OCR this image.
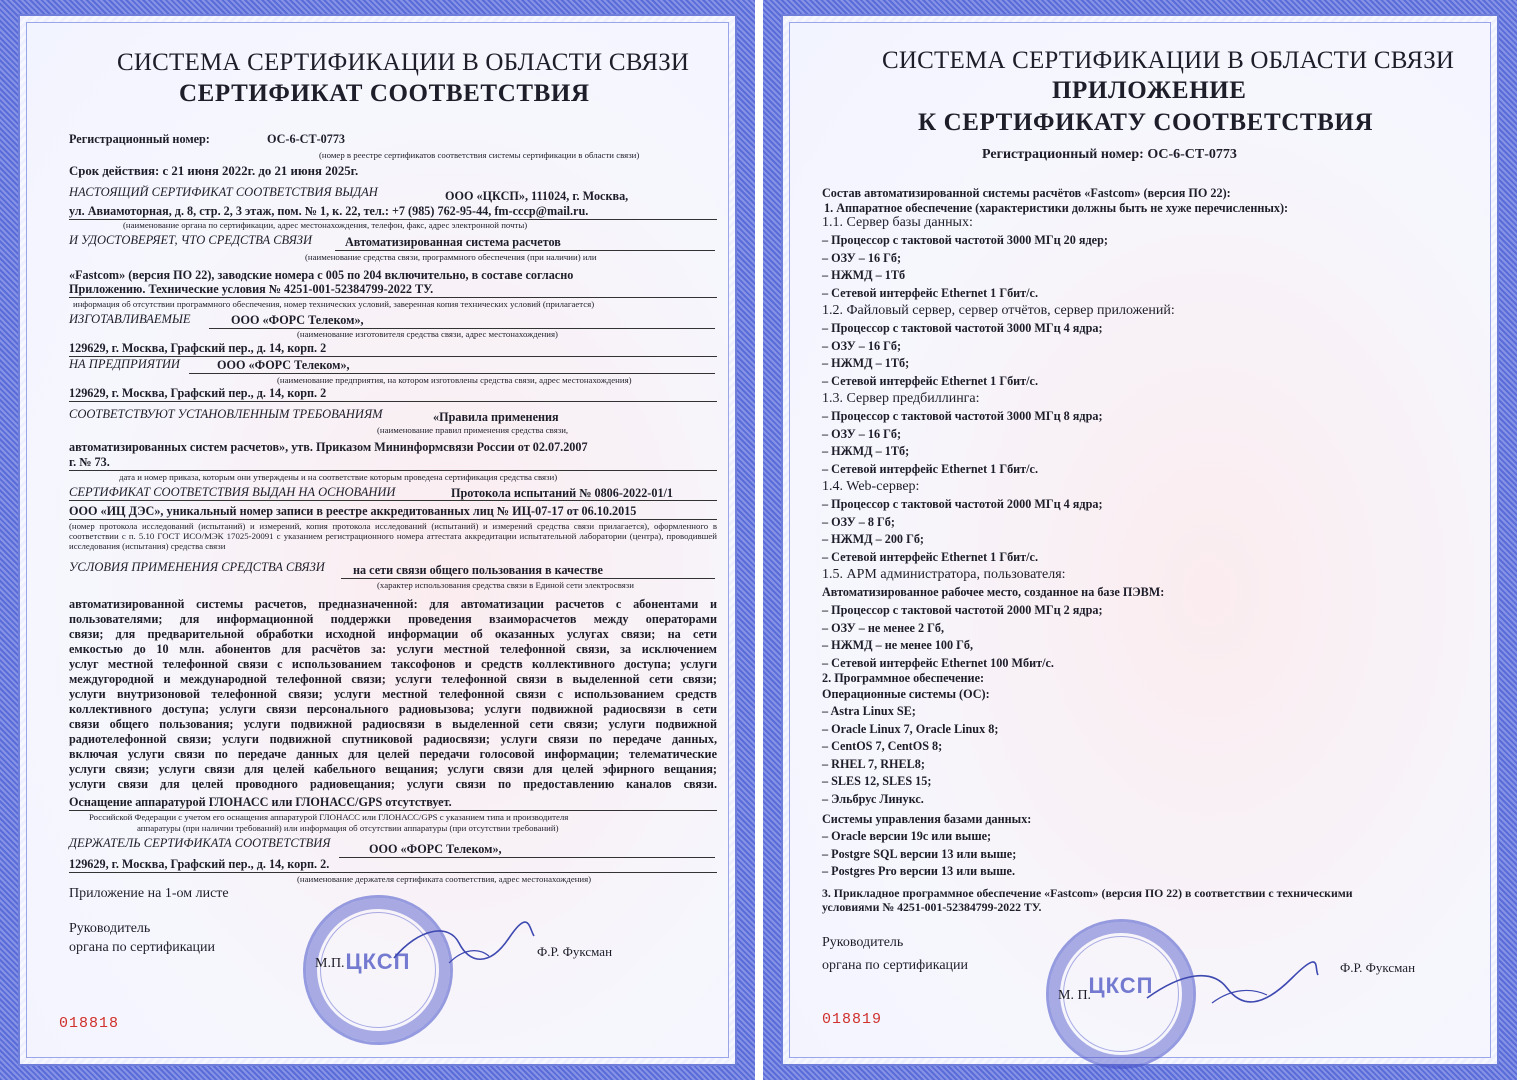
СИСТЕМА СЕРТИФИКАЦИИ В ОБЛАСТИ СВЯЗИ
СЕРТИФИКАТ СООТВЕТСТВИЯ
Регистрационный номер:	ОС-6-СТ-0773
(номер в реестре сертификатов соответствия системы сертификации в области связи)
Срок действия: с 21 июня 2022г. до 21 июня 2025г.
НАСТОЯЩИЙ СЕРТИФИКАТ СООТВЕТСТВИЯ ВЫДАН	ООО «ЦКСП», 111024, г. Москва,
ул. Авиамоторная, д. 8, стр. 2, 3 этаж, пом. № 1, к. 22, тел.: +7 (985) 762-95-44, fm-cccp@mail.ru.
(наименование органа по сертификации, адрес местонахождения, телефон, факс, адрес электронной почты)
И УДОСТОВЕРЯЕТ, ЧТО СРЕДСТВА СВЯЗИ	Автоматизированная система расчетов
(наименование средства связи, программного обеспечения (при наличии) или
«Fastcom» (версия ПО 22), заводские номера с 005 по 204 включительно, в составе согласно
Приложению. Технические условия № 4251-001-52384799-2022 ТУ.
информация об отсутствии программного обеспечения, номер технических условий, заверенная копия технических условий (прилагается)
ИЗГОТАВЛИВАЕМЫЕ	ООО «ФОРС Телеком»,
(наименование изготовителя средства связи, адрес местонахождения)
129629, г. Москва, Графский пер., д. 14, корп. 2
НА ПРЕДПРИЯТИИ	ООО «ФОРС Телеком»,
(наименование предприятия, на котором изготовлены средства связи, адрес местонахождения)
129629, г. Москва, Графский пер., д. 14, корп. 2
СООТВЕТСТВУЮТ УСТАНОВЛЕННЫМ ТРЕБОВАНИЯМ	«Правила применения
(наименование правил применения средства связи,
автоматизированных систем расчетов», утв. Приказом Мининформсвязи России от 02.07.2007
г. № 73.
дата и номер приказа, которым они утверждены и на соответствие которым проведена сертификация средства связи)
СЕРТИФИКАТ СООТВЕТСТВИЯ ВЫДАН НА ОСНОВАНИИ	Протокола испытаний № 0806-2022-01/1
ООО «ИЦ ДЭС», уникальный номер записи в реестре аккредитованных лиц № ИЦ-07-17 от 06.10.2015
(номер протокола исследований (испытаний) и измерений, копия протокола исследований (испытаний) и измерений средства связи прилагается), оформленного в соответствии с п. 5.10 ГОСТ ИСО/МЭК 17025-20091 с указанием регистрационного номера аттестата аккредитации испытательной лаборатории (центра), проводившей исследования (испытания) средства связи
УСЛОВИЯ ПРИМЕНЕНИЯ СРЕДСТВА СВЯЗИ	на сети связи общего пользования в качестве
(характер использования средства связи в Единой сети электросвязи
автоматизированной системы расчетов, предназначенной: для автоматизации расчетов с абонентами и
пользователями; для информационной поддержки проведения взаиморасчетов между операторами
связи; для предварительной обработки исходной информации об оказанных услугах связи; на сети
емкостью до 10 млн. абонентов для расчётов за: услуги местной телефонной связи, за исключением
услуг местной телефонной связи с использованием таксофонов и средств коллективного доступа; услуги
междугородной и международной телефонной связи; услуги телефонной связи в выделенной сети связи;
услуги внутризоновой телефонной связи; услуги местной телефонной связи с использованием средств
коллективного доступа; услуги связи персонального радиовызова; услуги подвижной радиосвязи в сети
связи общего пользования; услуги подвижной радиосвязи в выделенной сети связи; услуги подвижной
радиотелефонной связи; услуги подвижной спутниковой радиосвязи; услуги связи по передаче данных,
включая услуги связи по передаче данных для целей передачи голосовой информации; телематические
услуги связи; услуги связи для целей кабельного вещания; услуги связи для целей эфирного вещания;
услуги связи для целей проводного радиовещания; услуги связи по предоставлению каналов связи.
Оснащение аппаратурой ГЛОНАСС или ГЛОНАСС/GPS отсутствует.
Российской Федерации с учетом его оснащения аппаратурой ГЛОНАСС или ГЛОНАСС/GPS с указанием типа и производителя
аппаратуры (при наличии требований) или информация об отсутствии аппаратуры (при отсутствии требований)
ДЕРЖАТЕЛЬ СЕРТИФИКАТА СООТВЕТСТВИЯ	ООО «ФОРС Телеком»,
129629, г. Москва, Графский пер., д. 14, корп. 2.
(наименование держателя сертификата соответствия, адрес местонахождения)
Приложение на 1-ом листе
Руководитель
органа по сертификации
ЦКСП
М.П.
Ф.Р. Фуксман
018818
СИСТЕМА СЕРТИФИКАЦИИ В ОБЛАСТИ СВЯЗИ
ПРИЛОЖЕНИЕ
К СЕРТИФИКАТУ СООТВЕТСТВИЯ
Регистрационный номер: ОС-6-СТ-0773
Состав автоматизированной системы расчётов «Fastcom» (версия ПО 22):
1. Аппаратное обеспечение (характеристики должны быть не хуже перечисленных):
1.1. Сервер базы данных:
– Процессор с тактовой частотой 3000 МГц 20 ядер;
– ОЗУ – 16 Гб;
– НЖМД – 1Тб
– Сетевой интерфейс Ethernet 1 Гбит/с.
1.2. Файловый сервер, сервер отчётов, сервер приложений:
– Процессор с тактовой частотой 3000 МГц 4 ядра;
– ОЗУ – 16 Гб;
– НЖМД – 1Тб;
– Сетевой интерфейс Ethernet 1 Гбит/с.
1.3. Сервер предбиллинга:
– Процессор с тактовой частотой 3000 МГц 8 ядра;
– ОЗУ – 16 Гб;
– НЖМД – 1Тб;
– Сетевой интерфейс Ethernet 1 Гбит/с.
1.4. Web-сервер:
– Процессор с тактовой частотой 2000 МГц 4 ядра;
– ОЗУ – 8 Гб;
– НЖМД – 200 Гб;
– Сетевой интерфейс Ethernet 1 Гбит/с.
1.5. АРМ администратора, пользователя:
Автоматизированное рабочее место, созданное на базе ПЭВМ:
– Процессор с тактовой частотой 2000 МГц 2 ядра;
– ОЗУ – не менее 2 Гб,
– НЖМД – не менее 100 Гб,
– Сетевой интерфейс Ethernet 100 Мбит/с.
2. Программное обеспечение:
Операционные системы (ОС):
– Astra Linux SE;
– Oracle Linux 7, Oracle Linux 8;
– CentOS 7, CentOS 8;
– RHEL 7, RHEL8;
– SLES 12, SLES 15;
– Эльбрус Линукс.
Системы управления базами данных:
– Oracle версии 19с или выше;
– Postgre SQL версии 13 или выше;
– Postgres Pro версии 13 или выше.
3. Прикладное программное обеспечение «Fastcom» (версия ПО 22) в соответствии с техническими
условиями № 4251-001-52384799-2022 ТУ.
Руководитель
органа по сертификации
ЦКСП
М. П.
Ф.Р. Фуксман
018819
